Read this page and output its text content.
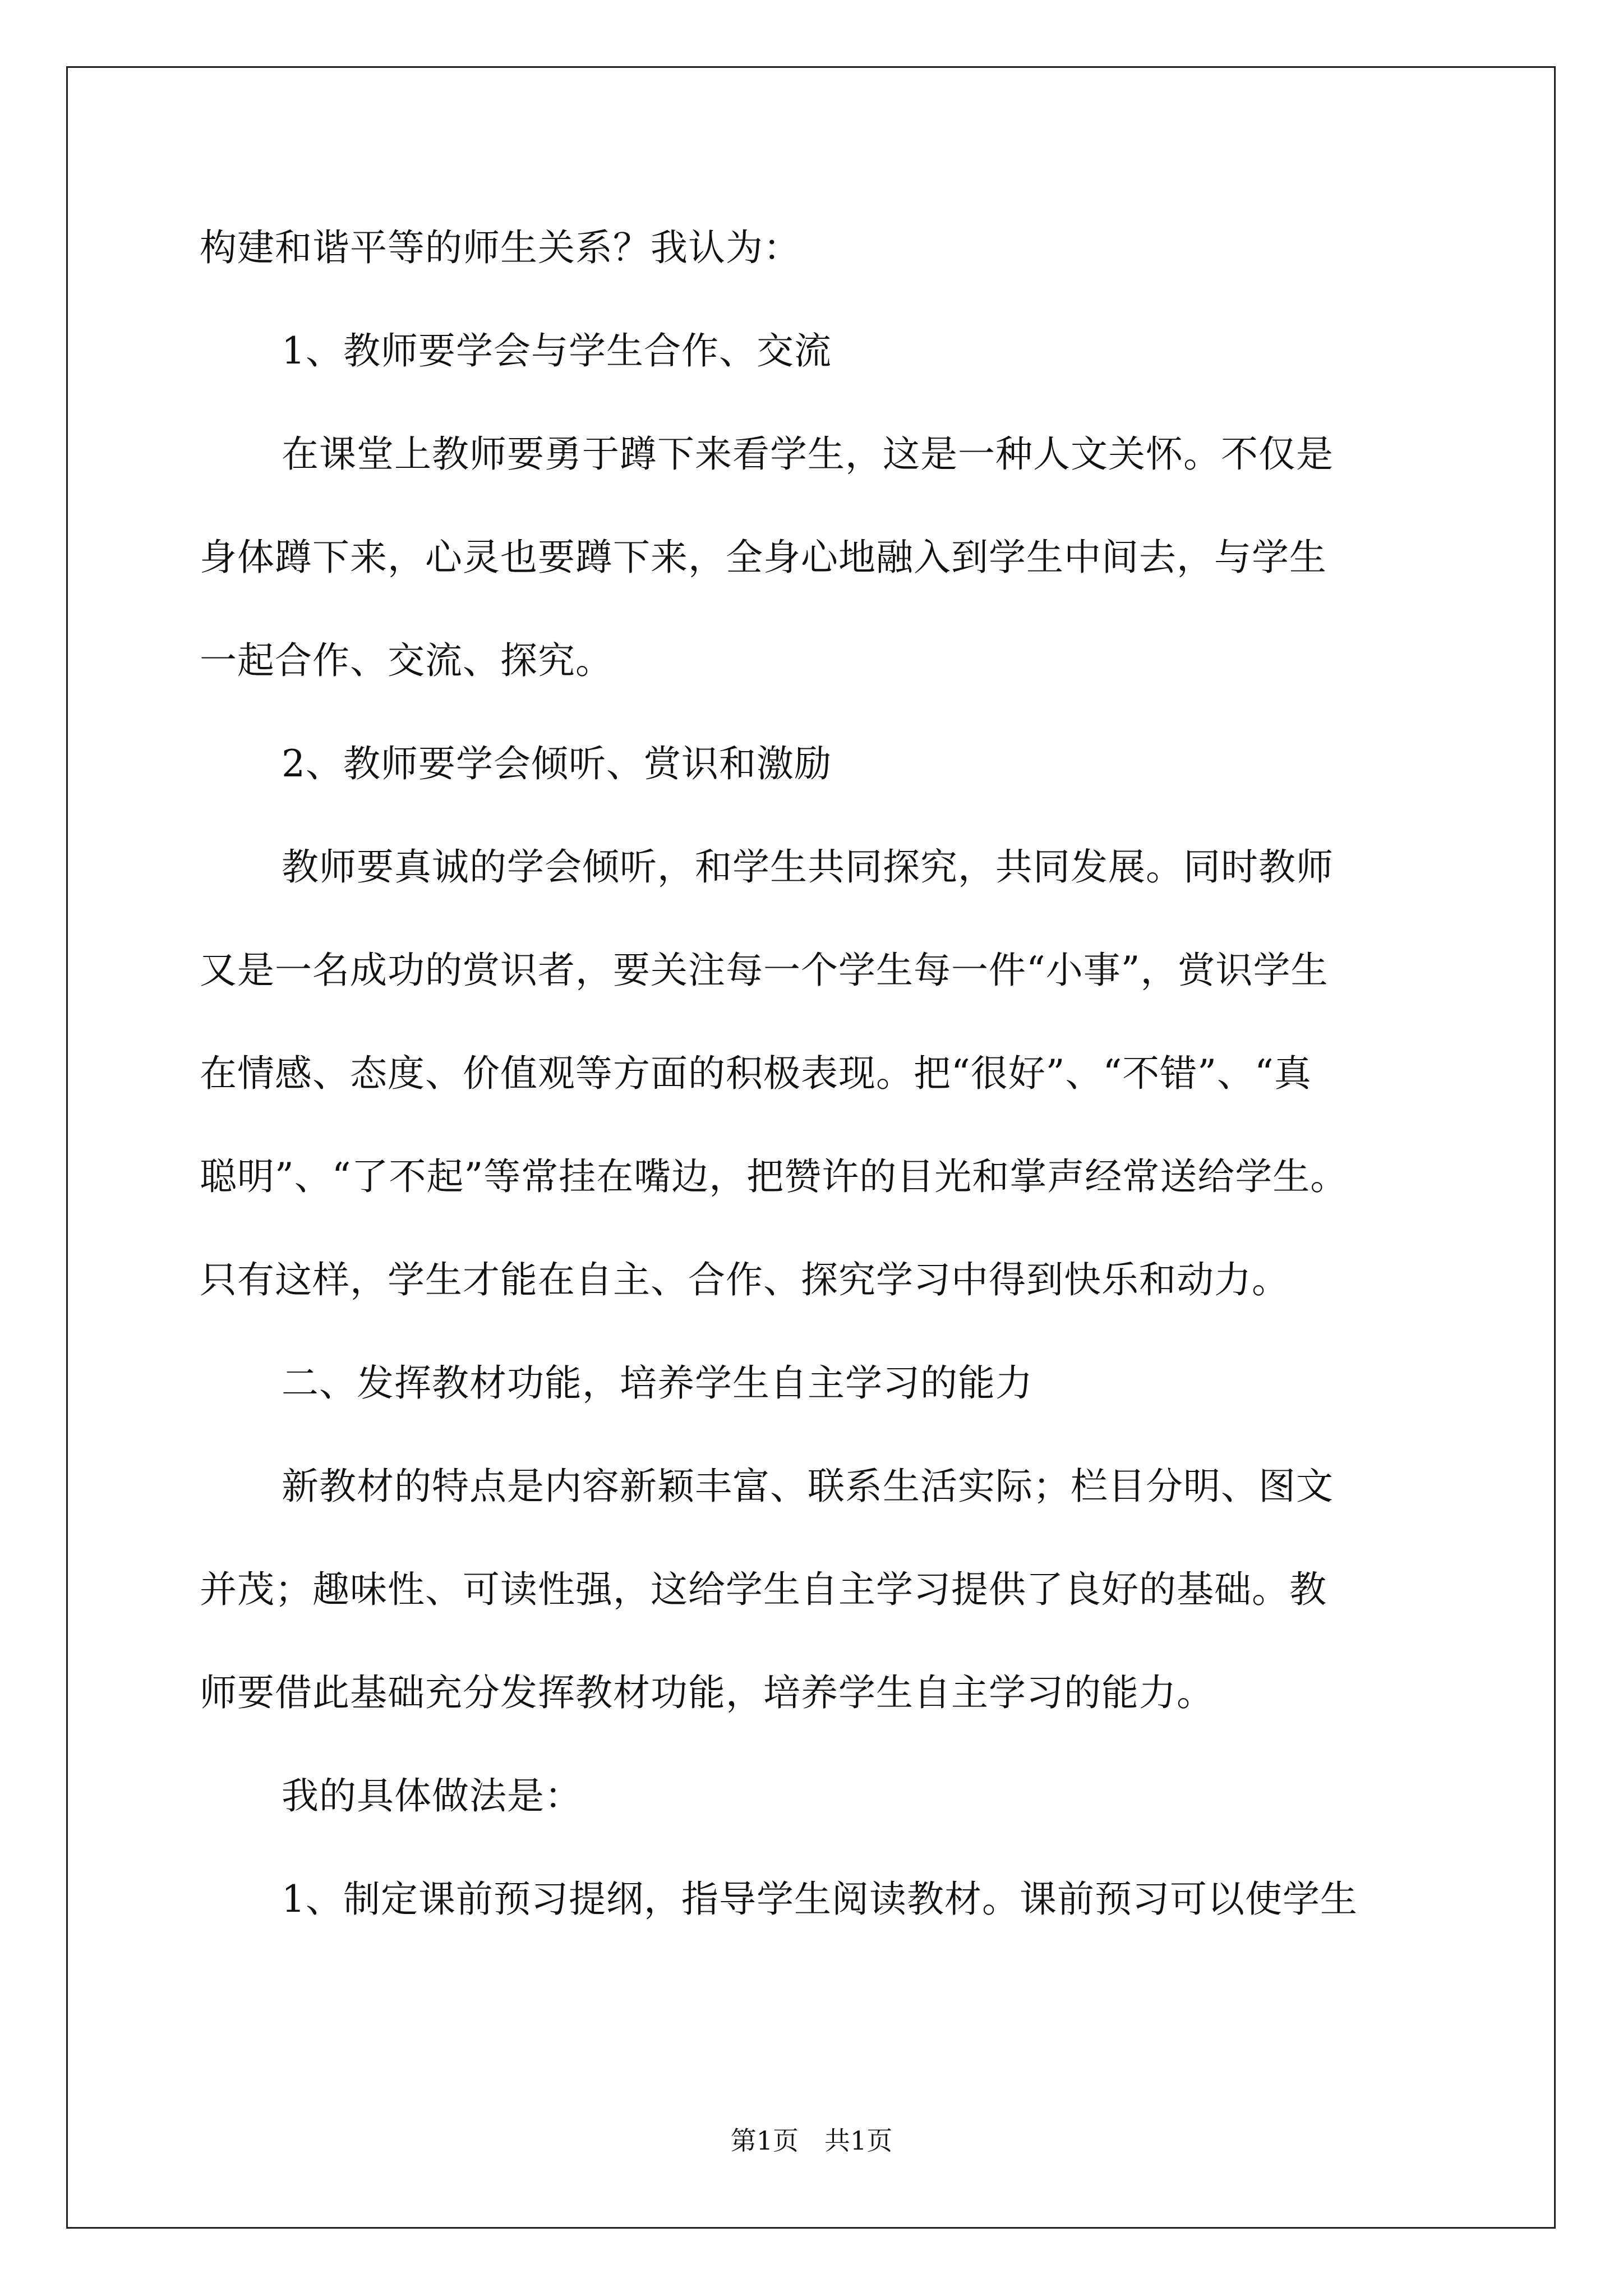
构建和谐平等的师生关系？我认为：
1、教师要学会与学生合作、交流
在课堂上教师要勇于蹲下来看学生，这是一种人文关怀。不仅是
身体蹲下来，心灵也要蹲下来，全身心地融入到学生中间去，与学生
一起合作、交流、探究。
2、教师要学会倾听、赏识和激励
教师要真诚的学会倾听，和学生共同探究，共同发展。同时教师
又是一名成功的赏识者，要关注每一个学生每一件“小事”，赏识学生
在情感、态度、价值观等方面的积极表现。把“很好”、“不错”、“真
聪明”、“了不起”等常挂在嘴边，把赞许的目光和掌声经常送给学生。
只有这样，学生才能在自主、合作、探究学习中得到快乐和动力。
二、发挥教材功能，培养学生自主学习的能力
新教材的特点是内容新颖丰富、联系生活实际；栏目分明、图文
并茂；趣味性、可读性强，这给学生自主学习提供了良好的基础。教
师要借此基础充分发挥教材功能，培养学生自主学习的能力。
我的具体做法是：
1、制定课前预习提纲，指导学生阅读教材。课前预习可以使学生
第1页　共1页
